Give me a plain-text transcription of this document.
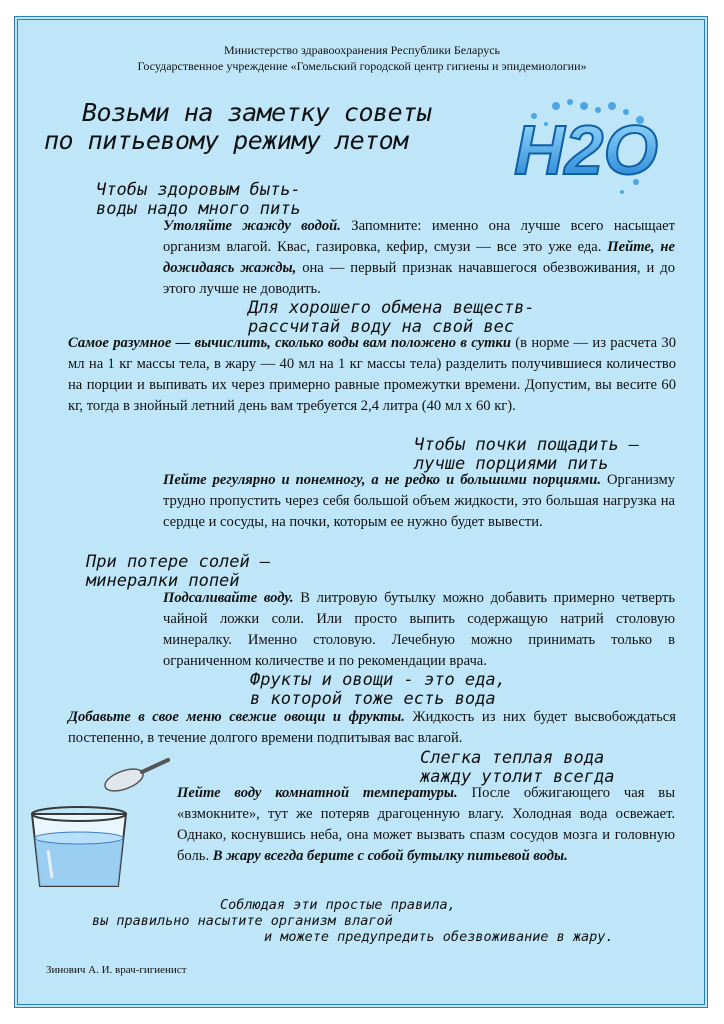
Министерство здравоохранения Республики Беларусь
Государственное учреждение «Гомельский городской центр гигиены и эпидемиологии»
Возьми на заметку советы
по питьевому режиму летом H2O
Чтобы здоровым быть-
воды надо много пить
Утоляйте жажду водой. Запомните: именно она лучше всего насыщает организм влагой. Квас, газировка, кефир, смузи — все это уже еда. Пейте, не дожидаясь жажды, она — первый признак начавшегося обезвоживания, и до этого лучше не доводить.
Для хорошего обмена веществ-
рассчитай воду на свой вес
Самое разумное — вычислить, сколько воды вам положено в сутки (в норме — из расчета 30 мл на 1 кг массы тела, в жару — 40 мл на 1 кг массы тела) разделить получившиеся количество на порции и выпивать их через примерно равные промежутки времени. Допустим, вы весите 60 кг, тогда в знойный летний день вам требуется 2,4 литра (40 мл х 60 кг).
Чтобы почки пощадить –
лучше порциями пить
Пейте регулярно и понемногу, а не редко и большими порциями. Организму трудно пропустить через себя большой объем жидкости, это большая нагрузка на сердце и сосуды, на почки, которым ее нужно будет вывести.
При потере солей –
минералки попей
Подсаливайте воду. В литровую бутылку можно добавить примерно четверть чайной ложки соли. Или просто выпить содержащую натрий столовую минералку. Именно столовую. Лечебную можно принимать только в ограниченном количестве и по рекомендации врача.
Фрукты и овощи - это еда,
в которой тоже есть вода
Добавьте в свое меню свежие овощи и фрукты. Жидкость из них будет высвобождаться постепенно, в течение долгого времени подпитывая вас влагой.
Слегка теплая вода
жажду утолит всегда
Пейте воду комнатной температуры. После обжигающего чая вы «взмокните», тут же потеряв драгоценную влагу. Холодная вода освежает. Однако, коснувшись неба, она может вызвать спазм сосудов мозга и головную боль. В жару всегда берите с собой бутылку питьевой воды.
Соблюдая эти простые правила,
вы правильно насытите организм влагой
и можете предупредить обезвоживание в жару.
Зинович А. И. врач-гигиенист
